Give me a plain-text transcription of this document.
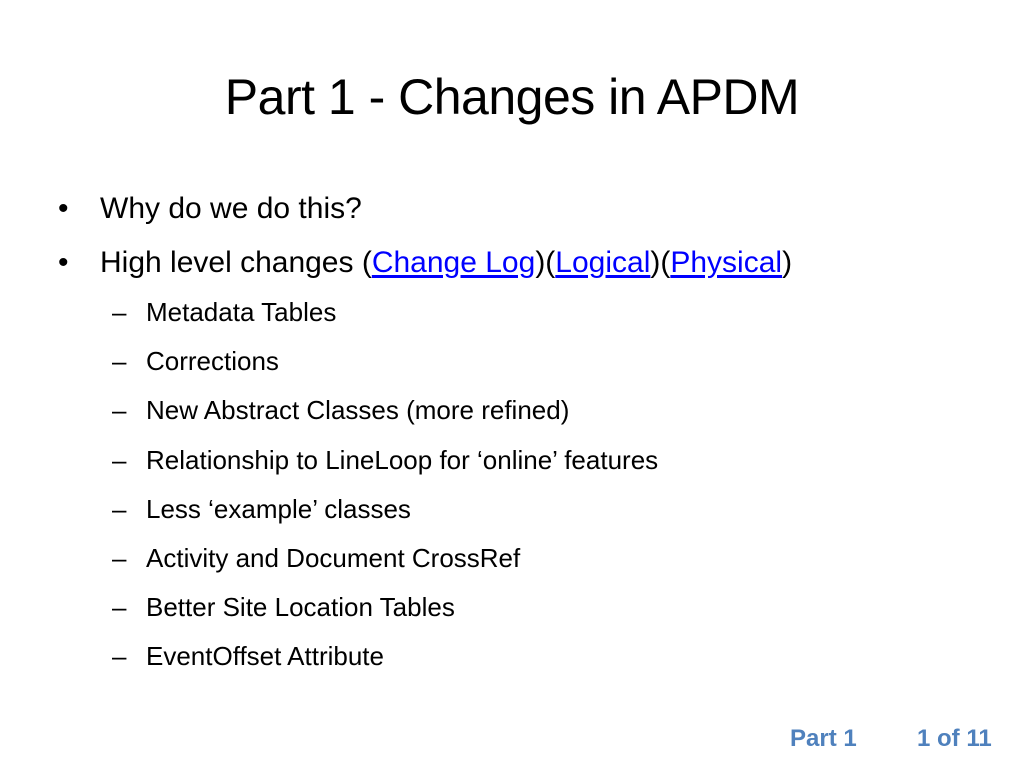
Part 1 - Changes in APDM
•	Why do we do this?
•	High level changes (Change Log)(Logical)(Physical)
– Metadata Tables
– Corrections
– New Abstract Classes (more refined)
– Relationship to LineLoop for ‘online’ features
– Less ‘example’ classes
– Activity and Document CrossRef
– Better Site Location Tables
– EventOffset Attribute
Part 1	1 of 11
